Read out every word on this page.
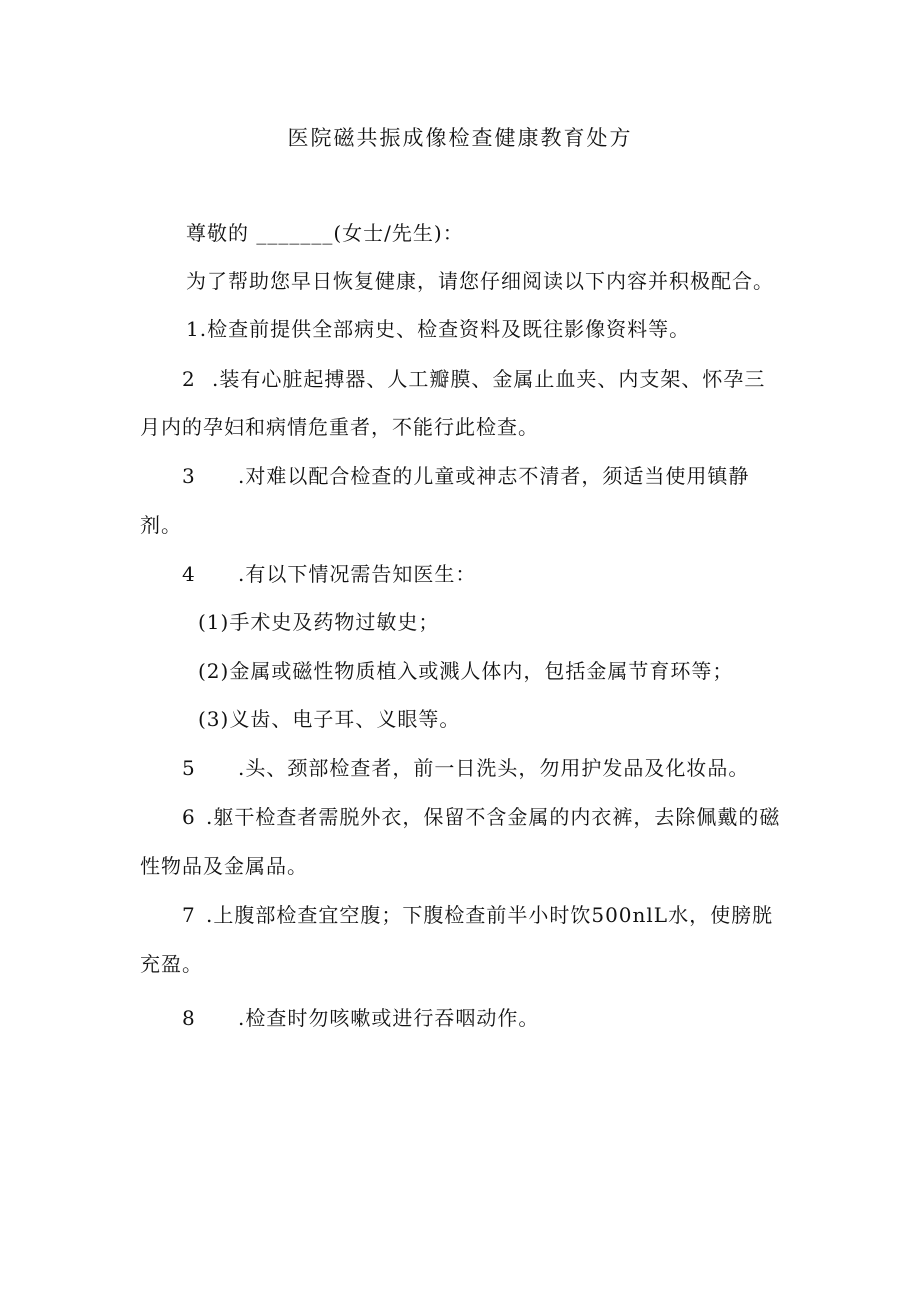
医院磁共振成像检查健康教育处方
尊敬的 _______(女士/先生)：
为了帮助您早日恢复健康，请您仔细阅读以下内容并积极配合。
1.检查前提供全部病史、检查资料及既往影像资料等。
2 .装有心脏起搏器、人工瓣膜、金属止血夹、内支架、怀孕三
月内的孕妇和病情危重者，不能行此检查。
3 .对难以配合检查的儿童或神志不清者，须适当使用镇静
剂。
4 .有以下情况需告知医生：
(1)手术史及药物过敏史；
(2)金属或磁性物质植入或溅人体内，包括金属节育环等；
(3)义齿、电子耳、义眼等。
5 .头、颈部检查者，前一日洗头，勿用护发品及化妆品。
6 .躯干检查者需脱外衣，保留不含金属的内衣裤，去除佩戴的磁
性物品及金属品。
7 .上腹部检查宜空腹；下腹检查前半小时饮500nlL水，使膀胱
充盈。
8 .检查时勿咳嗽或进行吞咽动作。
